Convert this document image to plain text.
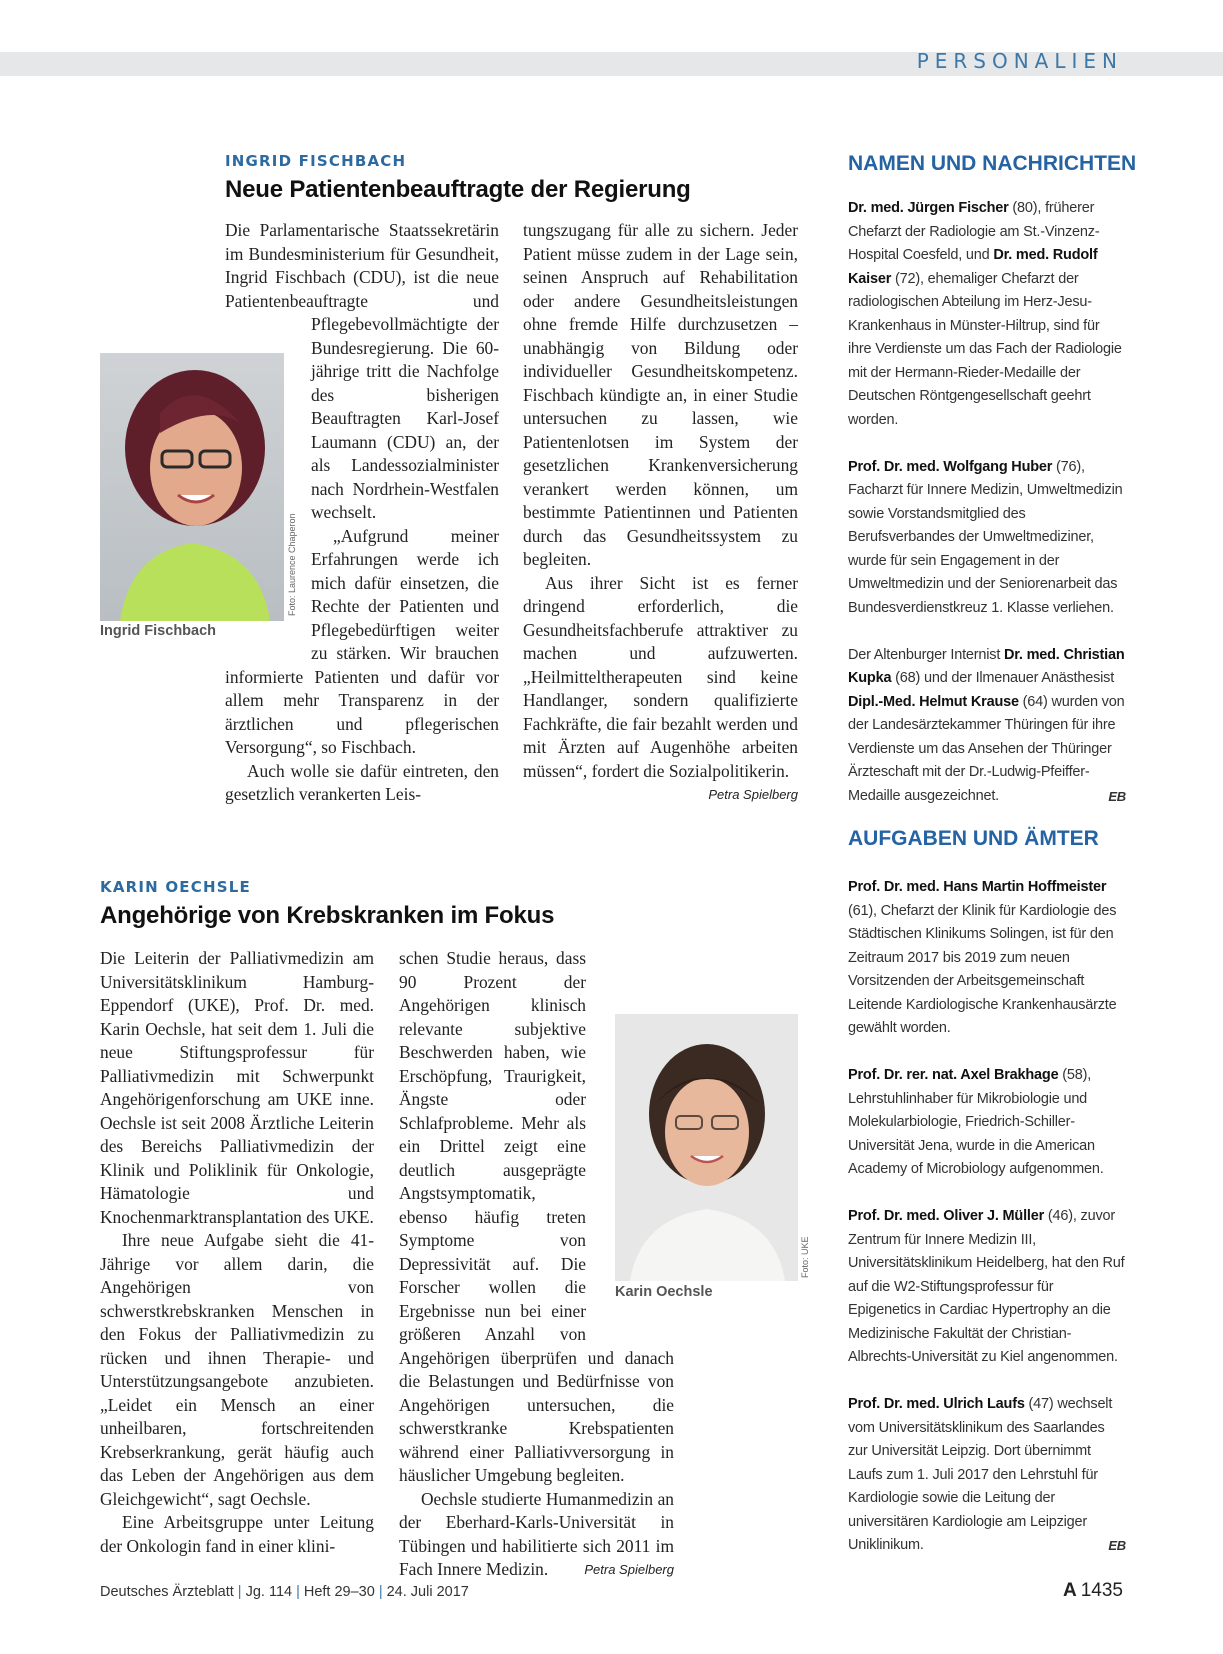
PERSONALIEN
INGRID FISCHBACH
Neue Patientenbeauftragte der Regierung
Foto: Laurence Chaperon
Ingrid Fischbach

Die Parlamentarische Staatssekretärin im Bundesministerium für Gesundheit, Ingrid Fischbach (CDU), ist die neue Patientenbeauftragte und Pflegebevollmächtigte der Bundesregierung. Die 60-jährige tritt die Nachfolge des bisherigen Beauftragten Karl-Josef Laumann (CDU) an, der als Landessozialminister nach Nordrhein-Westfalen wechselt.

„Aufgrund meiner Erfahrungen werde ich mich dafür einsetzen, die Rechte der Patienten und Pflegebedürftigen weiter zu stärken. Wir brauchen informierte Patienten und dafür vor allem mehr Transparenz in der ärztlichen und pflegerischen Versorgung“, so Fischbach.

Auch wolle sie dafür eintreten, den gesetzlich verankerten Leis-

tungszugang für alle zu sichern. Jeder Patient müsse zudem in der Lage sein, seinen Anspruch auf Rehabilitation oder andere Gesundheitsleistungen ohne fremde Hilfe durchzusetzen – unabhängig von Bildung oder individueller Gesundheitskompetenz. Fischbach kündigte an, in einer Studie untersuchen zu lassen, wie Patientenlotsen im System der gesetzlichen Krankenversicherung verankert werden können, um bestimmte Patientinnen und Patienten durch das Gesundheitssystem zu begleiten.

Aus ihrer Sicht ist es ferner dringend erforderlich, die Gesundheitsfachberufe attraktiver zu machen und aufzuwerten. „Heilmitteltherapeuten sind keine Handlanger, sondern qualifizierte Fachkräfte, die fair bezahlt werden und mit Ärzten auf Augenhöhe arbeiten müssen“, fordert die Sozialpolitikerin.
Petra Spielberg

KARIN OECHSLE
Angehörige von Krebskranken im Fokus

Die Leiterin der Palliativmedizin am Universitätsklinikum Hamburg-Eppendorf (UKE), Prof. Dr. med. Karin Oechsle, hat seit dem 1. Juli die neue Stiftungsprofessur für Palliativmedizin mit Schwerpunkt Angehörigenforschung am UKE inne. Oechsle ist seit 2008 Ärztliche Leiterin des Bereichs Palliativmedizin der Klinik und Poliklinik für Onkologie, Hämatologie und Knochenmarktransplantation des UKE.

Ihre neue Aufgabe sieht die 41-Jährige vor allem darin, die Angehörigen von schwerstkrebskranken Menschen in den Fokus der Palliativmedizin zu rücken und ihnen Therapie- und Unterstützungsangebote anzubieten. „Leidet ein Mensch an einer unheilbaren, fortschreitenden Krebserkrankung, gerät häufig auch das Leben der Angehörigen aus dem Gleichgewicht“, sagt Oechsle.

Eine Arbeitsgruppe unter Leitung der Onkologin fand in einer klini-

schen Studie heraus, dass 90 Prozent der Angehörigen klinisch relevante subjektive Beschwerden haben, wie Erschöpfung, Traurigkeit, Ängste oder Schlafprobleme. Mehr als ein Drittel zeigt eine deutlich ausgeprägte Angstsymptomatik, ebenso häufig treten Symptome von Depressivität auf. Die Forscher wollen die Ergebnisse nun bei einer größeren Anzahl von Angehörigen überprüfen und danach die Belastungen und Bedürfnisse von Angehörigen untersuchen, die schwerstkranke Krebspatienten während einer Palliativversorgung in häuslicher Umgebung begleiten.

Oechsle studierte Humanmedizin an der Eberhard-Karls-Universität in Tübingen und habilitierte sich 2011 im Fach Innere Medizin.	Petra Spielberg

Foto: UKE
Karin Oechsle
NAMEN UND NACHRICHTEN

Dr. med. Jürgen Fischer (80), früherer Chefarzt der Radiologie am St.-Vinzenz-Hospital Coesfeld, und Dr. med. Rudolf Kaiser (72), ehemaliger Chefarzt der radiologischen Abteilung im Herz-Jesu-Krankenhaus in Münster-Hiltrup, sind für ihre Verdienste um das Fach der Radiologie mit der Hermann-Rieder-Medaille der Deutschen Röntgengesellschaft geehrt worden.

Prof. Dr. med. Wolfgang Huber (76), Facharzt für Innere Medizin, Umweltmedizin sowie Vorstandsmitglied des Berufsverbandes der Umweltmediziner, wurde für sein Engagement in der Umweltmedizin und der Seniorenarbeit das Bundesverdienstkreuz 1. Klasse verliehen.

Der Altenburger Internist Dr. med. Christian Kupka (68) und der Ilmenauer Anästhesist Dipl.-Med. Helmut Krause (64) wurden von der Landesärztekammer Thüringen für ihre Verdienste um das Ansehen der Thüringer Ärzteschaft mit der Dr.-Ludwig-Pfeiffer-Medaille ausgezeichnet.	EB

AUFGABEN UND ÄMTER

Prof. Dr. med. Hans Martin Hoffmeister (61), Chefarzt der Klinik für Kardiologie des Städtischen Klinikums Solingen, ist für den Zeitraum 2017 bis 2019 zum neuen Vorsitzenden der Arbeitsgemeinschaft Leitende Kardiologische Krankenhausärzte gewählt worden.

Prof. Dr. rer. nat. Axel Brakhage (58), Lehrstuhlinhaber für Mikrobiologie und Molekularbiologie, Friedrich-Schiller-Universität Jena, wurde in die American Academy of Microbiology aufgenommen.

Prof. Dr. med. Oliver J. Müller (46), zuvor Zentrum für Innere Medizin III, Universitätsklinikum Heidelberg, hat den Ruf auf die W2-Stiftungsprofessur für Epigenetics in Cardiac Hypertrophy an die Medizinische Fakultät der Christian-Albrechts-Universität zu Kiel angenommen.

Prof. Dr. med. Ulrich Laufs (47) wechselt vom Universitätsklinikum des Saarlandes zur Universität Leipzig. Dort übernimmt Laufs zum 1. Juli 2017 den Lehrstuhl für Kardiologie sowie die Leitung der universitären Kardiologie am Leipziger Uniklinikum.	EB

Deutsches Ärzteblatt | Jg. 114 | Heft 29–30 | 24. Juli 2017	A 1435
